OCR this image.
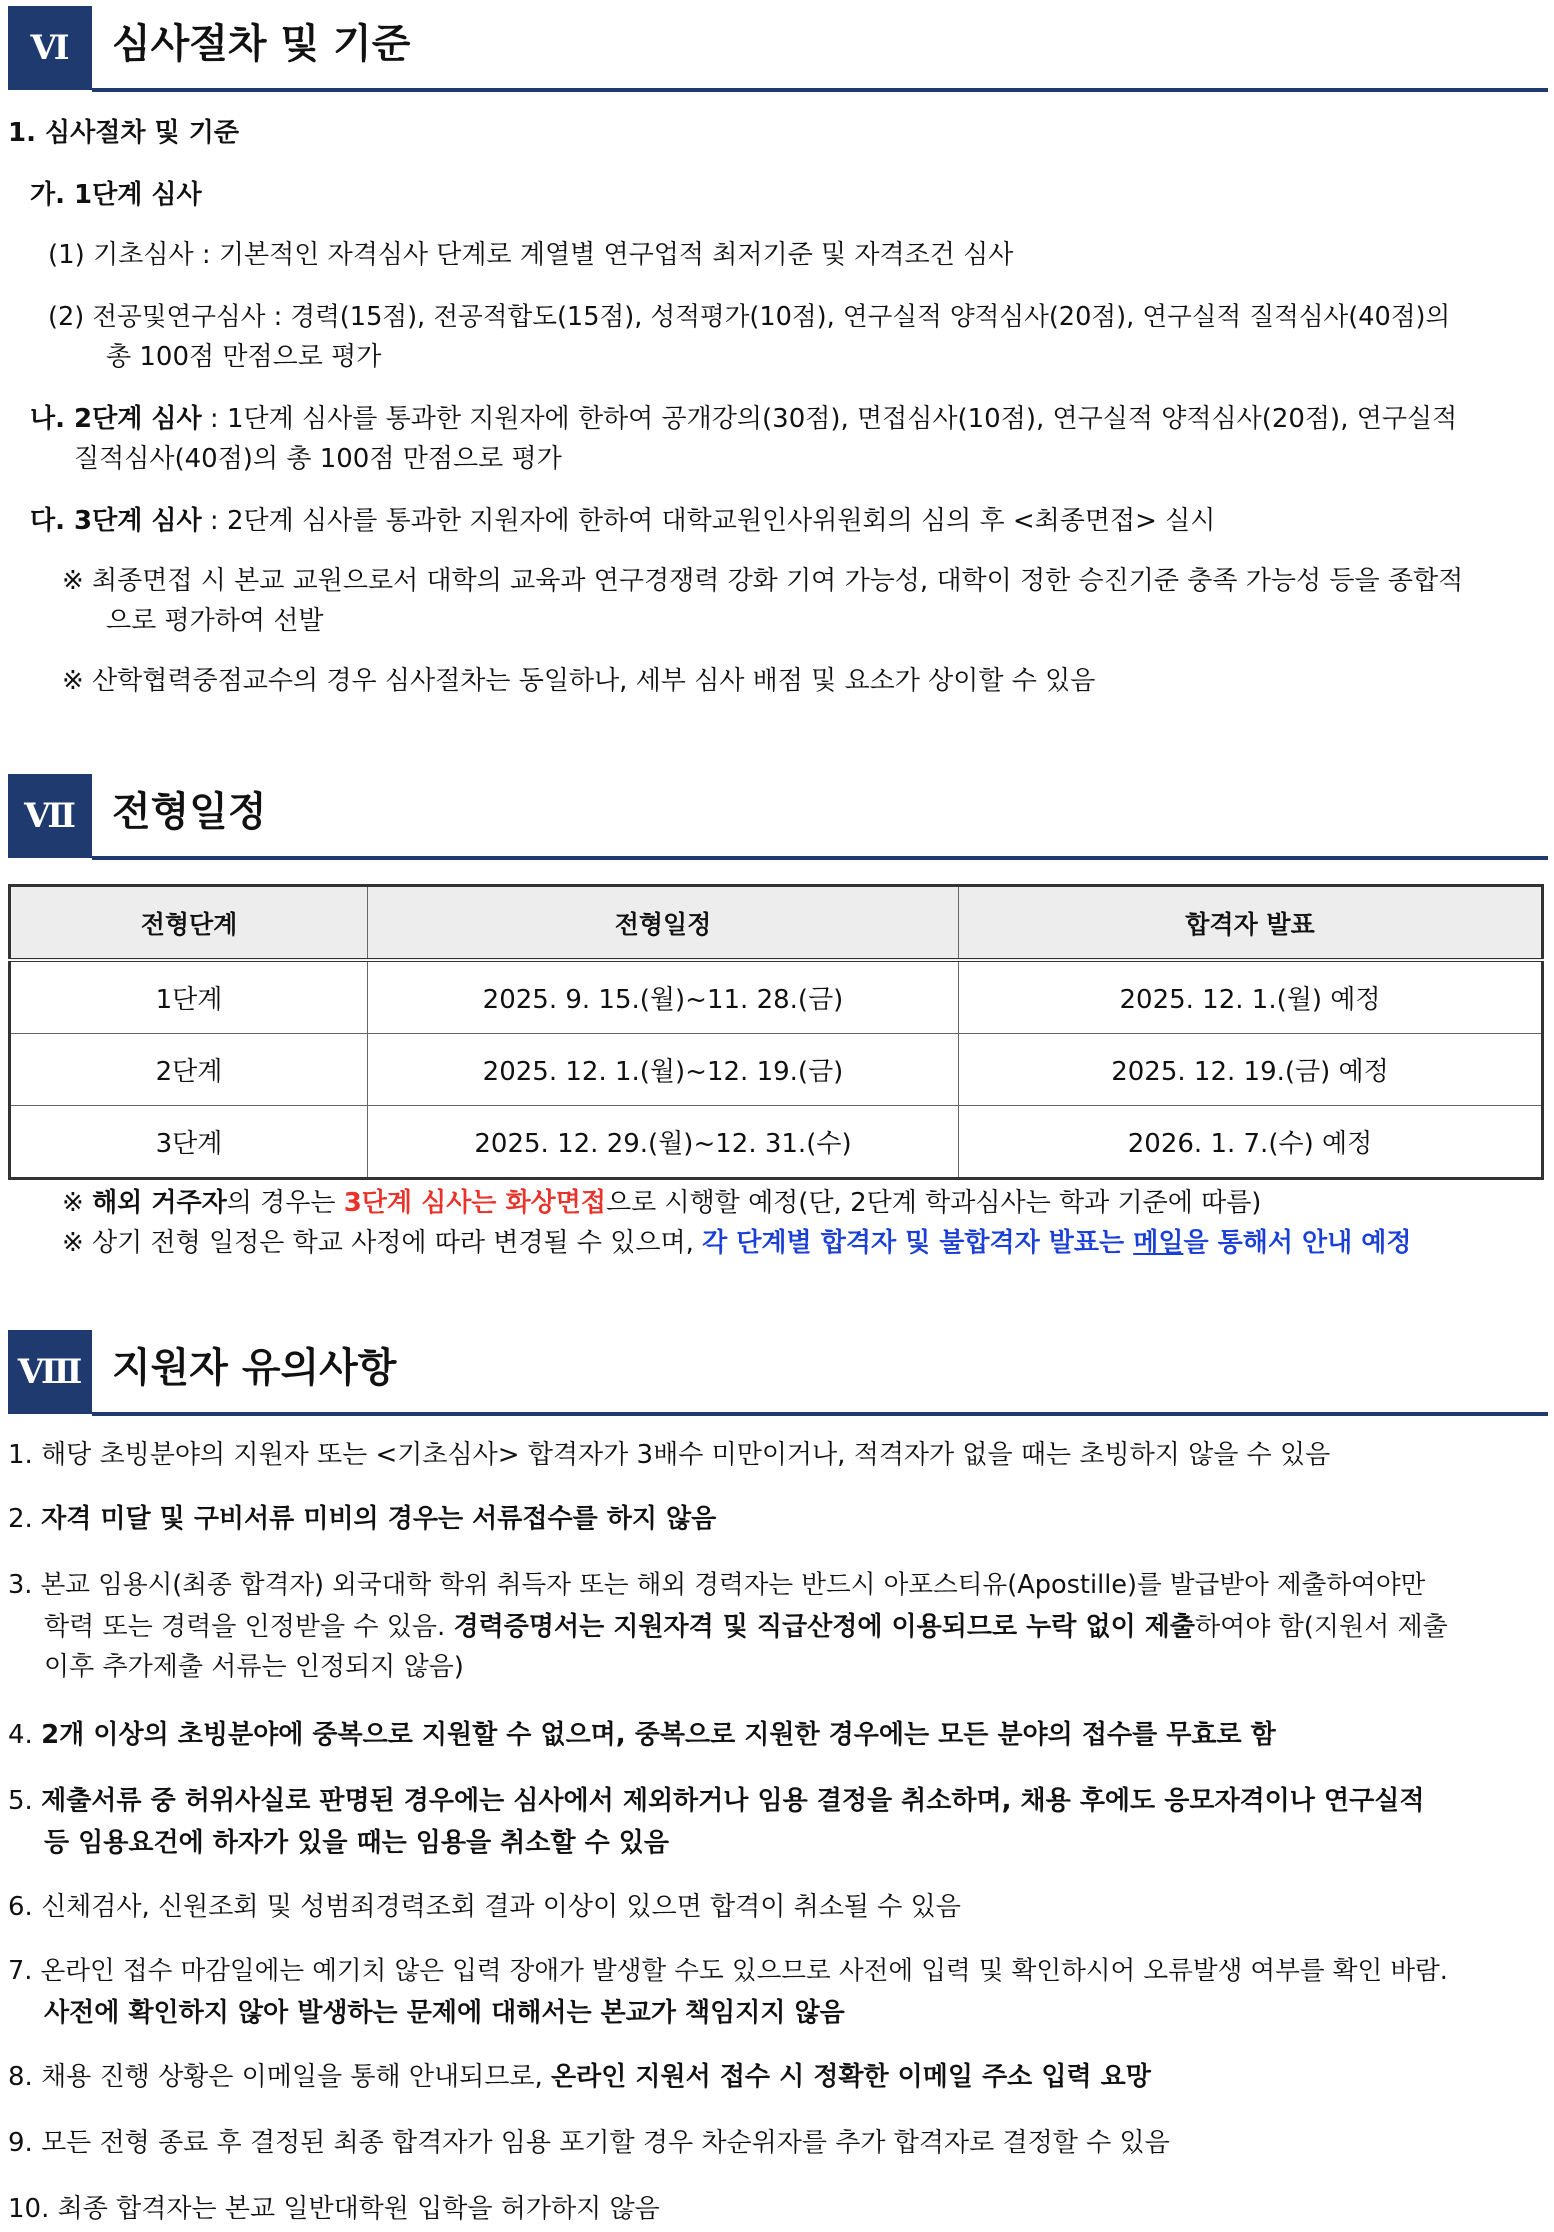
Ⅵ	심사절차 및 기준
1. 심사절차 및 기준
가. 1단계 심사
(1) 기초심사 : 기본적인 자격심사 단계로 계열별 연구업적 최저기준 및 자격조건 심사
(2) 전공및연구심사 : 경력(15점), 전공적합도(15점), 성적평가(10점), 연구실적 양적심사(20점), 연구실적 질적심사(40점)의
총 100점 만점으로 평가
나. 2단계 심사 : 1단계 심사를 통과한 지원자에 한하여 공개강의(30점), 면접심사(10점), 연구실적 양적심사(20점), 연구실적
질적심사(40점)의 총 100점 만점으로 평가
다. 3단계 심사 : 2단계 심사를 통과한 지원자에 한하여 대학교원인사위원회의 심의 후 <최종면접> 실시
※ 최종면접 시 본교 교원으로서 대학의 교육과 연구경쟁력 강화 기여 가능성, 대학이 정한 승진기준 충족 가능성 등을 종합적
으로 평가하여 선발
※ 산학협력중점교수의 경우 심사절차는 동일하나, 세부 심사 배점 및 요소가 상이할 수 있음
Ⅶ 전형일정
전형단계	전형일정	합격자 발표
1단계	2025. 9. 15.(월)~11. 28.(금)	2025. 12. 1.(월) 예정
2단계	2025. 12. 1.(월)~12. 19.(금)	2025. 12. 19.(금) 예정
3단계	2025. 12. 29.(월)~12. 31.(수)	2026. 1. 7.(수) 예정
※ 해외 거주자의 경우는 3단계 심사는 화상면접으로 시행할 예정(단, 2단계 학과심사는 학과 기준에 따름)
※ 상기 전형 일정은 학교 사정에 따라 변경될 수 있으며, 각 단계별 합격자 및 불합격자 발표는 메일을 통해서 안내 예정
Ⅷ 지원자 유의사항
1. 해당 초빙분야의 지원자 또는 <기초심사> 합격자가 3배수 미만이거나, 적격자가 없을 때는 초빙하지 않을 수 있음
2. 자격 미달 및 구비서류 미비의 경우는 서류접수를 하지 않음
3. 본교 임용시(최종 합격자) 외국대학 학위 취득자 또는 해외 경력자는 반드시 아포스티유(Apostille)를 발급받아 제출하여야만
학력 또는 경력을 인정받을 수 있음. 경력증명서는 지원자격 및 직급산정에 이용되므로 누락 없이 제출하여야 함(지원서 제출
이후 추가제출 서류는 인정되지 않음)
4. 2개 이상의 초빙분야에 중복으로 지원할 수 없으며, 중복으로 지원한 경우에는 모든 분야의 접수를 무효로 함
5. 제출서류 중 허위사실로 판명된 경우에는 심사에서 제외하거나 임용 결정을 취소하며, 채용 후에도 응모자격이나 연구실적
등 임용요건에 하자가 있을 때는 임용을 취소할 수 있음
6. 신체검사, 신원조회 및 성범죄경력조회 결과 이상이 있으면 합격이 취소될 수 있음
7. 온라인 접수 마감일에는 예기치 않은 입력 장애가 발생할 수도 있으므로 사전에 입력 및 확인하시어 오류발생 여부를 확인 바람.
사전에 확인하지 않아 발생하는 문제에 대해서는 본교가 책임지지 않음
8. 채용 진행 상황은 이메일을 통해 안내되므로, 온라인 지원서 접수 시 정확한 이메일 주소 입력 요망
9. 모든 전형 종료 후 결정된 최종 합격자가 임용 포기할 경우 차순위자를 추가 합격자로 결정할 수 있음
10. 최종 합격자는 본교 일반대학원 입학을 허가하지 않음
